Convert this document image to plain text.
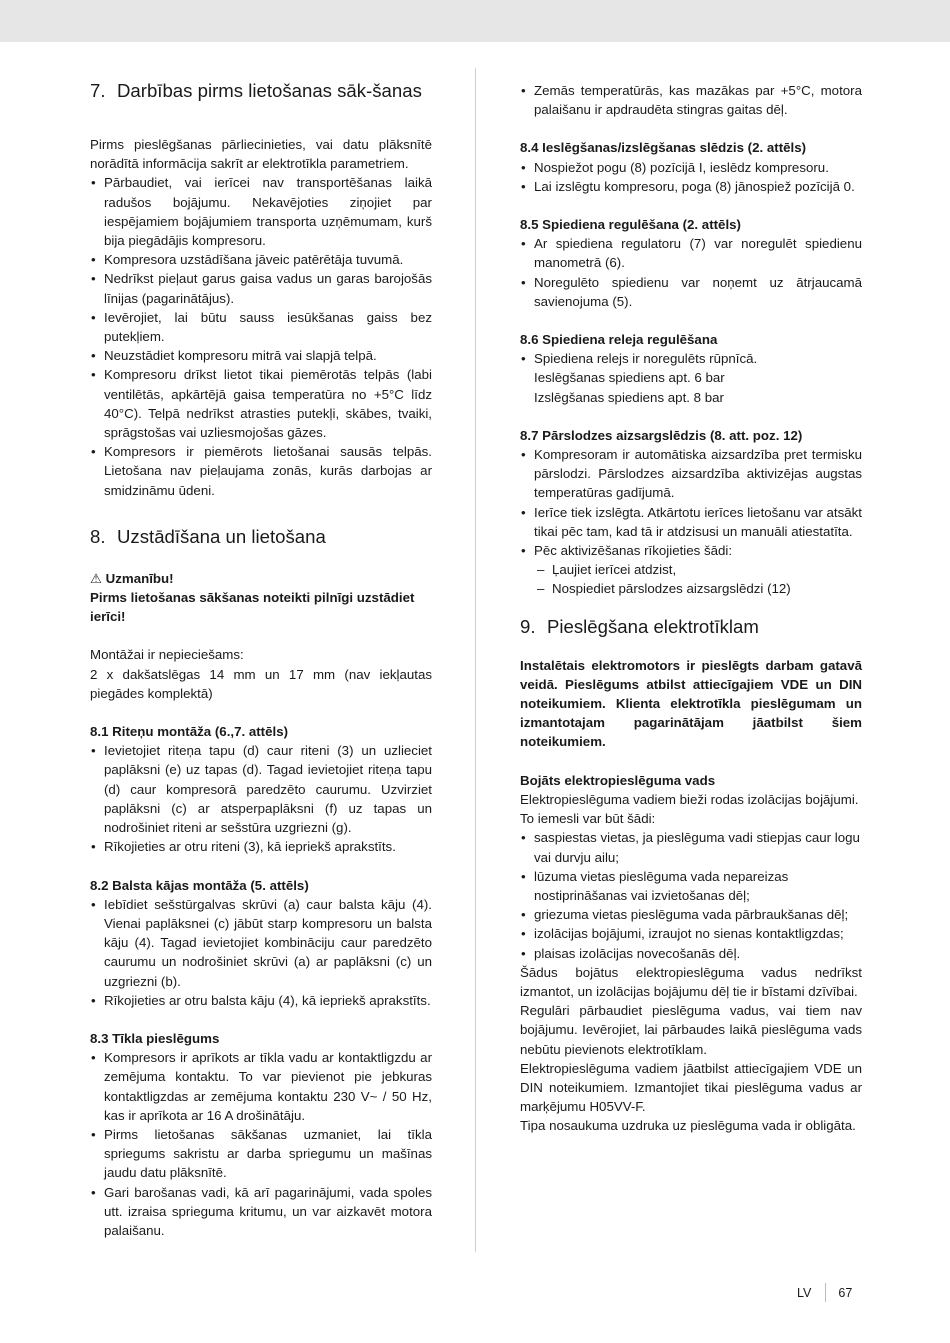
7. Darbības pirms lietošanas sāk-šanas

Pirms pieslēgšanas pārliecinieties, vai datu plāksnītē norādītā informācija sakrīt ar elektrotīkla parametriem.

• Pārbaudiet, vai ierīcei nav transportēšanas laikā radušos bojājumu. Nekavējoties ziņojiet par iespējamiem bojājumiem transporta uzņēmumam, kurš bija piegādājis kompresoru.
• Kompresora uzstādīšana jāveic patērētāja tuvumā.
• Nedrīkst pieļaut garus gaisa vadus un garas barojošās līnijas (pagarinātājus).
• Ievērojiet, lai būtu sauss iesūkšanas gaiss bez putekļiem.
• Neuzstādiet kompresoru mitrā vai slapjā telpā.
• Kompresoru drīkst lietot tikai piemērotās telpās (labi ventilētās, apkārtējā gaisa temperatūra no +5°C līdz 40°C). Telpā nedrīkst atrasties putekļi, skābes, tvaiki, sprāgstošas vai uzliesmojošas gāzes.
• Kompresors ir piemērots lietošanai sausās telpās. Lietošana nav pieļaujama zonās, kurās darbojas ar smidzināmu ūdeni.
8. Uzstādīšana un lietošana

⚠ Uzmanību!

Pirms lietošanas sākšanas noteikti pilnīgi uzstādiet ierīci!

Montāžai ir nepieciešams:

2 x dakšatslēgas 14 mm un 17 mm (nav iekļautas piegādes komplektā)

8.1 Riteņu montāža (6.,7. attēls)
• Ievietojiet riteņa tapu (d) caur riteni (3) un uzlieciet paplāksni (e) uz tapas (d). Tagad ievietojiet riteņa tapu (d) caur kompresorā paredzēto caurumu. Uzvirziet paplāksni (c) ar atsperpaplāksni (f) uz tapas un nodrošiniet riteni ar sešstūra uzgriezni (g).
• Rīkojieties ar otru riteni (3), kā iepriekš aprakstīts.
8.2 Balsta kājas montāža (5. attēls)
• Iebīdiet sešstūrgalvas skrūvi (a) caur balsta kāju (4). Vienai paplāksnei (c) jābūt starp kompresoru un balsta kāju (4). Tagad ievietojiet kombināciju caur paredzēto caurumu un nodrošiniet skrūvi (a) ar paplāksni (c) un uzgriezni (b).
• Rīkojieties ar otru balsta kāju (4), kā iepriekš aprakstīts.
8.3 Tīkla pieslēgums
• Kompresors ir aprīkots ar tīkla vadu ar kontaktligzdu ar zemējuma kontaktu. To var pievienot pie jebkuras kontaktligzdas ar zemējuma kontaktu 230 V~ / 50 Hz, kas ir aprīkota ar 16 A drošinātāju.
• Pirms lietošanas sākšanas uzmaniet, lai tīkla spriegums sakristu ar darba spriegumu un mašīnas jaudu datu plāksnītē.
• Gari barošanas vadi, kā arī pagarinājumi, vada spoles utt. izraisa sprieguma kritumu, un var aizkavēt motora palaišanu.
• Zemās temperatūrās, kas mazākas par +5°C, motora palaišanu ir apdraudēta stingras gaitas dēļ.
8.4 Ieslēgšanas/izslēgšanas slēdzis (2. attēls)
• Nospiežot pogu (8) pozīcijā I, ieslēdz kompresoru.
• Lai izslēgtu kompresoru, poga (8) jānospiež pozīcijā 0.
8.5 Spiediena regulēšana (2. attēls)
• Ar spiediena regulatoru (7) var noregulēt spiedienu manometrā (6).
• Noregulēto spiedienu var noņemt uz ātrjaucamā savienojuma (5).
8.6 Spiediena releja regulēšana
• Spiediena relejs ir noregulēts rūpnīcā.
Ieslēgšanas spiediens apt. 6 bar
Izslēgšanas spiediens apt. 8 bar
8.7 Pārslodzes aizsargslēdzis (8. att. poz. 12)
• Kompresoram ir automātiska aizsardzība pret termisku pārslodzi. Pārslodzes aizsardzība aktivizējas augstas temperatūras gadījumā.
• Ierīce tiek izslēgta. Atkārtotu ierīces lietošanu var atsākt tikai pēc tam, kad tā ir atdzisusi un manuāli atiestatīta.
• Pēc aktivizēšanas rīkojieties šādi:
– Ļaujiet ierīcei atdzist,
– Nospiediet pārslodzes aizsargslēdzi (12)
9. Pieslēgšana elektrotīklam

Instalētais elektromotors ir pieslēgts darbam gatavā veidā. Pieslēgums atbilst attiecīgajiem VDE un DIN noteikumiem. Klienta elektrotīkla pieslēgumam un izmantotajam pagarinātājam jāatbilst šiem noteikumiem.

Bojāts elektropieslēguma vads

Elektropieslēguma vadiem bieži rodas izolācijas bojājumi.

To iemesli var būt šādi:

• saspiestas vietas, ja pieslēguma vadi stiepjas caur logu vai durvju ailu;
• lūzuma vietas pieslēguma vada nepareizas nostiprināšanas vai izvietošanas dēļ;
• griezuma vietas pieslēguma vada pārbraukšanas dēļ;
• izolācijas bojājumi, izraujot no sienas kontaktligzdas;
• plaisas izolācijas novecošanās dēļ.

Šādus bojātus elektropieslēguma vadus nedrīkst izmantot, un izolācijas bojājumu dēļ tie ir bīstami dzīvībai.

Regulāri pārbaudiet pieslēguma vadus, vai tiem nav bojājumu. Ievērojiet, lai pārbaudes laikā pieslēguma vads nebūtu pievienots elektrotīklam.

Elektropieslēguma vadiem jāatbilst attiecīgajiem VDE un DIN noteikumiem. Izmantojiet tikai pieslēguma vadus ar marķējumu H05VV-F.

Tipa nosaukuma uzdruka uz pieslēguma vada ir obligāta.

LV 67
